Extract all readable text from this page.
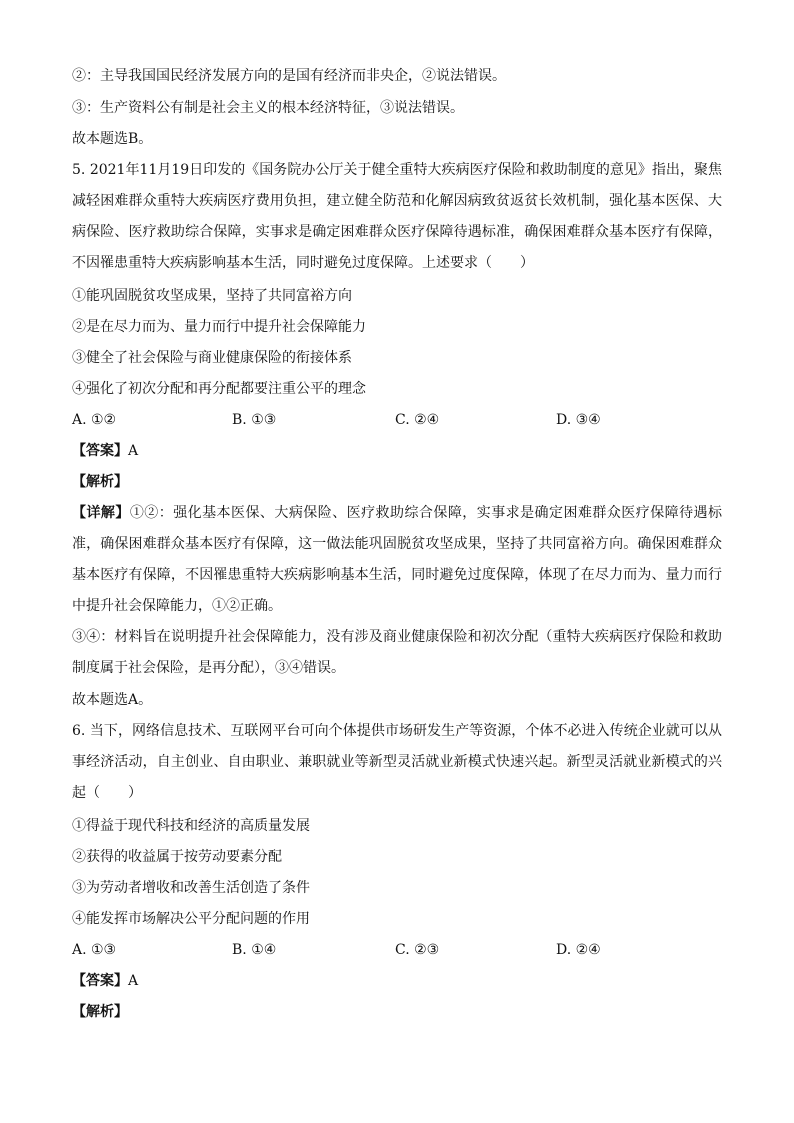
②：主导我国国民经济发展方向的是国有经济而非央企，②说法错误。
③：生产资料公有制是社会主义的根本经济特征，③说法错误。
故本题选B。
5. 2021年11月19日印发的《国务院办公厅关于健全重特大疾病医疗保险和救助制度的意见》指出，聚焦减轻困难群众重特大疾病医疗费用负担，建立健全防范和化解因病致贫返贫长效机制，强化基本医保、大病保险、医疗救助综合保障，实事求是确定困难群众医疗保障待遇标准，确保困难群众基本医疗有保障，不因罹患重特大疾病影响基本生活，同时避免过度保障。上述要求（　　）
①能巩固脱贫攻坚成果，坚持了共同富裕方向
②是在尽力而为、量力而行中提升社会保障能力
③健全了社会保险与商业健康保险的衔接体系
④强化了初次分配和再分配都要注重公平的理念
A. ①②	B. ①③	C. ②④	D. ③④
【答案】A
【解析】
【详解】①②：强化基本医保、大病保险、医疗救助综合保障，实事求是确定困难群众医疗保障待遇标准，确保困难群众基本医疗有保障，这一做法能巩固脱贫攻坚成果，坚持了共同富裕方向。确保困难群众基本医疗有保障，不因罹患重特大疾病影响基本生活，同时避免过度保障，体现了在尽力而为、量力而行中提升社会保障能力，①②正确。
③④：材料旨在说明提升社会保障能力，没有涉及商业健康保险和初次分配（重特大疾病医疗保险和救助制度属于社会保险，是再分配），③④错误。
故本题选A。
6. 当下，网络信息技术、互联网平台可向个体提供市场研发生产等资源，个体不必进入传统企业就可以从事经济活动，自主创业、自由职业、兼职就业等新型灵活就业新模式快速兴起。新型灵活就业新模式的兴起（　　）
①得益于现代科技和经济的高质量发展
②获得的收益属于按劳动要素分配
③为劳动者增收和改善生活创造了条件
④能发挥市场解决公平分配问题的作用
A. ①③	B. ①④	C. ②③	D. ②④
【答案】A
【解析】
